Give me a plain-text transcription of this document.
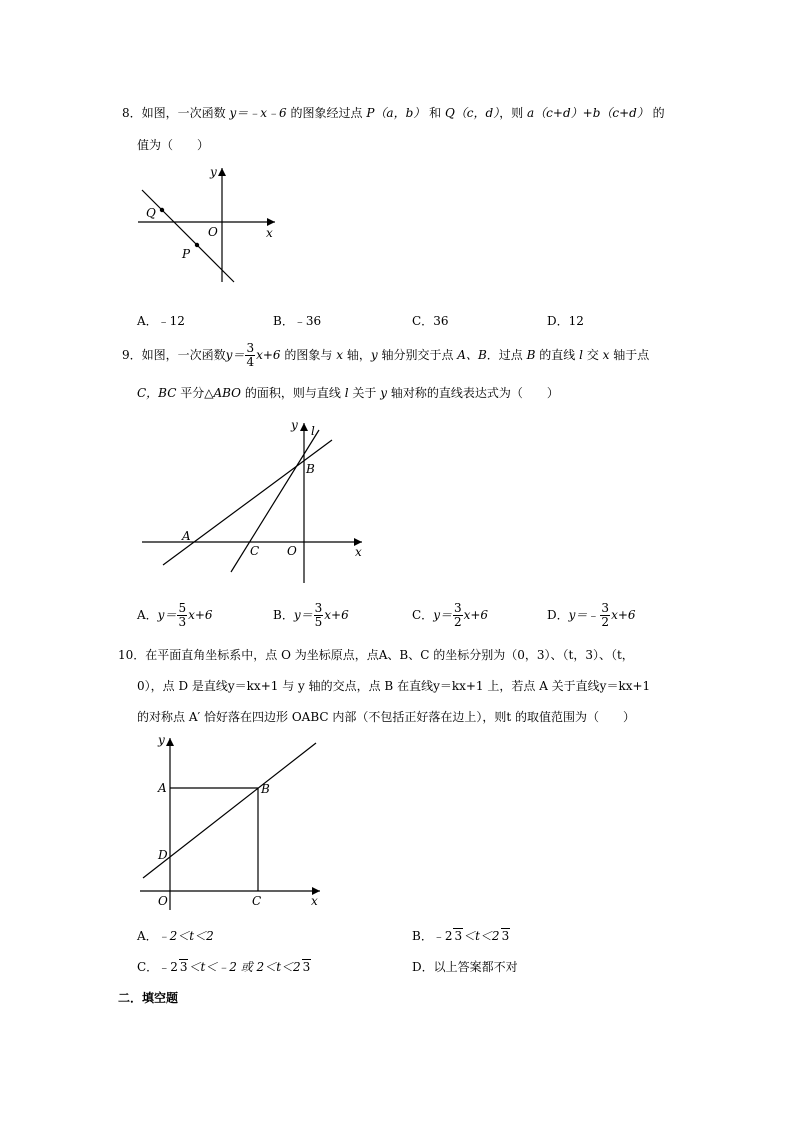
8．如图，一次函数 y＝﹣x﹣6 的图象经过点 P（a，b） 和 Q（c，d），则 a（c+d）+b（c+d） 的
值为（　　）
x
y
O
Q
P
A．﹣12	B．﹣36	C．36	D．12
9．如图，一次函数$y= \frac{3}{4} x+6$ 的图象与 x 轴，y 轴分别交于点 A、B．过点 B 的直线 l 交 x 轴于点
C，BC 平分△ABO 的面积，则与直线 l 关于 y 轴对称的直线表达式为（　　）
x
y l
B
A
C O
A．$y= \frac{5}{3} x+6$	B．$y= \frac{3}{5} x+6$	C．$y= \frac{3}{2} x+6$	D．y＝﹣ $\frac{3}{2} x+6$
10．在平面直角坐标系中，点 O 为坐标原点，点A、B、C 的坐标分别为（0，3）、（t，3）、（t，
0），点 D 是直线y＝kx+1 与 y 轴的交点，点 B 在直线y＝kx+1 上，若点 A 关于直线y＝kx+1
的对称点 A′ 恰好落在四边形 OABC 内部（不包括正好落在边上），则t 的取值范围为（　　）
y
x
A	B
D
O	C
A．﹣2＜t＜2	B．﹣2 3＜t＜2 3
C．﹣2 3＜t＜﹣2 或 2＜t＜2 3	D．以上答案都不对
二．填空题
